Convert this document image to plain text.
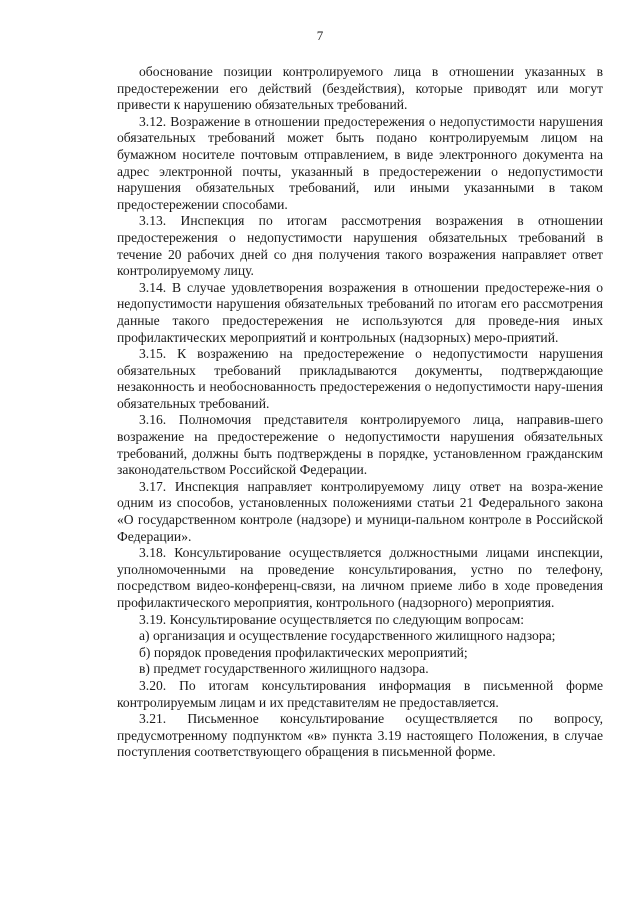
7

обоснование позиции контролируемого лица в отношении указанных в предостережении его действий (бездействия), которые приводят или могут привести к нарушению обязательных требований.

3.12. Возражение в отношении предостережения о недопустимости нарушения обязательных требований может быть подано контролируемым лицом на бумажном носителе почтовым отправлением, в виде электронного документа на адрес электронной почты, указанный в предостережении о недопустимости нарушения обязательных требований, или иными указанными в таком предостережении способами.

3.13. Инспекция по итогам рассмотрения возражения в отношении предостережения о недопустимости нарушения обязательных требований в течение 20 рабочих дней со дня получения такого возражения направляет ответ контролируемому лицу.

3.14. В случае удовлетворения возражения в отношении предостереже-ния о недопустимости нарушения обязательных требований по итогам его рассмотрения данные такого предостережения не используются для проведе-ния иных профилактических мероприятий и контрольных (надзорных) меро-приятий.

3.15. К возражению на предостережение о недопустимости нарушения обязательных требований прикладываются документы, подтверждающие незаконность и необоснованность предостережения о недопустимости нару-шения обязательных требований.

3.16. Полномочия представителя контролируемого лица, направив-шего возражение на предостережение о недопустимости нарушения обязательных требований, должны быть подтверждены в порядке, установленном гражданским законодательством Российской Федерации.

3.17. Инспекция направляет контролируемому лицу ответ на возра-жение одним из способов, установленных положениями статьи 21 Федерального закона «О государственном контроле (надзоре) и муници-пальном контроле в Российской Федерации».

3.18. Консультирование осуществляется должностными лицами инспекции, уполномоченными на проведение консультирования, устно по телефону, посредством видео-конференц-связи, на личном приеме либо в ходе проведения профилактического мероприятия, контрольного (надзорного) мероприятия.

3.19. Консультирование осуществляется по следующим вопросам:

а) организация и осуществление государственного жилищного надзора;

б) порядок проведения профилактических мероприятий;

в) предмет государственного жилищного надзора.

3.20. По итогам консультирования информация в письменной форме контролируемым лицам и их представителям не предоставляется.

3.21. Письменное консультирование осуществляется по вопросу, предусмотренному подпунктом «в» пункта 3.19 настоящего Положения, в случае поступления соответствующего обращения в письменной форме.
